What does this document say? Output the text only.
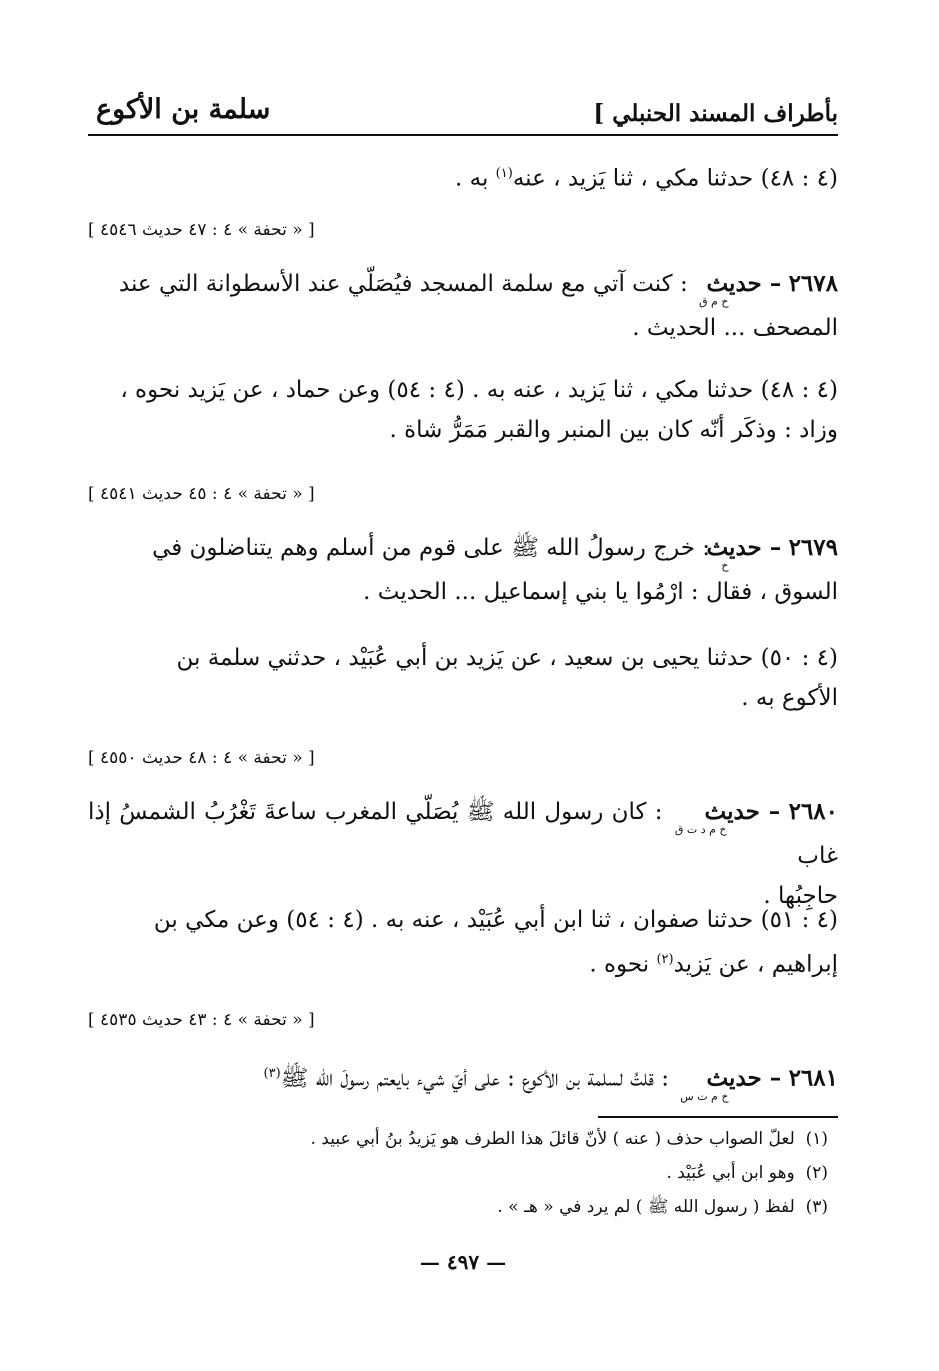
بأطراف المسند الحنبلي ]
سلمة بن الأكوع
(٤ : ٤٨) حدثنا مكي ، ثنا يَزيد ، عنه$^{(١)}$ به .
[ « تحفة » ٤ : ٤٧ حديث ٤٥٤٦ ]
٢٦٧٨ – حديثخ م ق : كنت آتي مع سلمة المسجد فيُصَلّي عند الأسطوانة التي عند
المصحف ... الحديث .
(٤ : ٤٨) حدثنا مكي ، ثنا يَزيد ، عنه به . (٤ : ٥٤) وعن حماد ، عن يَزيد نحوه ،
وزاد : وذكَر أنّه كان بين المنبر والقبر مَمَرُّ شاة .
[ « تحفة » ٤ : ٤٥ حديث ٤٥٤١ ]
٢٦٧٩ – حديثخ : خرج رسولُ الله ﷺ على قوم من أسلم وهم يتناضلون في
السوق ، فقال : ارْمُوا يا بني إسماعيل ... الحديث .
(٤ : ٥٠) حدثنا يحيى بن سعيد ، عن يَزيد بن أبي عُبَيْد ، حدثني سلمة بن
الأكوع به .
[ « تحفة » ٤ : ٤٨ حديث ٤٥٥٠ ]
٢٦٨٠ – حديثخ م د ت ق : كان رسول الله ﷺ يُصَلّي المغرب ساعةَ تَغْرُبُ الشمسُ إذا غاب
حاجِبُها .
(٤ : ٥١) حدثنا صفوان ، ثنا ابن أبي عُبَيْد ، عنه به . (٤ : ٥٤) وعن مكي بن
إبراهيم ، عن يَزيد$^{(٢)}$ نحوه .
[ « تحفة » ٤ : ٤٣ حديث ٤٥٣٥ ]
٢٦٨١ – حديثخ م ت س : قلتُ لسلمة بن الأكوع : على أيّ شيء بايعتم رسولَ الله ﷺ$^{(٣)}$
(١)  لعلّ الصواب حذف ( عنه ) لأنّ قائلَ هذا الطرف هو يَزيدُ بنُ أبي عبيد .
(٢)  وهو ابن أبي عُبَيْد .
(٣)  لفظ ( رسول الله ﷺ ) لم يرد في « هـ » .
— ٤٩٧ —
